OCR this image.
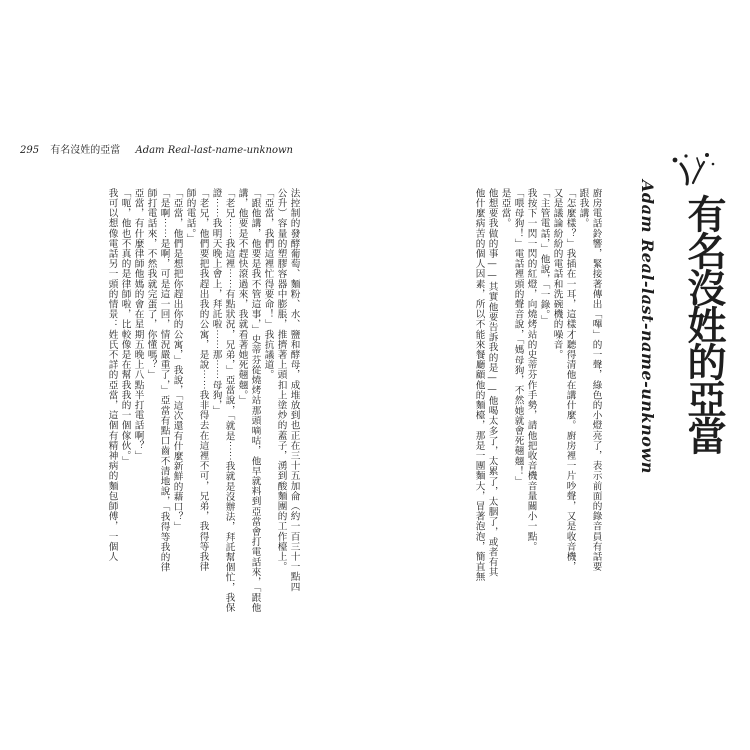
295 有名沒姓的亞當 Adam Real-last-name-unknown
有名沒姓的亞當
Adam Real-last-name-unknown
廚房電話鈴響，緊接著傳出「嗶」的一聲，綠色的小燈亮了，表示前面的錄音員有話要
跟我講。
「怎麼樣？」我插在一耳，這樣才聽得清他在講什麼。廚房裡一片吵聲，又是收音機，
又是議論紛紛的電話和洗碗機的噪音。
「主管電話，」他說，「一錄。」
我按下一閃一閃的紅燈，向燒烤站的史蒂芬作手勢，請他把收音機音量關小一點。
「喂母狗！」電話裡頭的聲音說，「媽母狗，不然她就會死翹翹！」
是亞當。
他想要我做的事——其實他要告訴我的是——他喝太多了，太累了，太胭了，或者有其
他什麼病苦的個人因素，所以不能來餐廳顧他的麵檯，那是一團麵大，冒著泡泡，簡直無
法控制的發酵葡萄、麵粉、水、鹽和酵母，成堆放到也正在三十五加侖（約一百三十一點四
公升）容量的塑膠容器中膨脹，推擠著上頭扣上塗炒的蓋子，湧到酸麵團的工作檯上。
「亞當，我們這裡忙得要命！」我抗議道。
「跟他講，他要是我不管這事，」史蒂芬從燒烤站那頭嘀咕，他早就料到亞當會打電話來，「跟他
講，他要是不趕快滾過來，我就看著她死翹翹。」
「老兄⋯⋯我這裡⋯⋯有點狀況，兄弟，」亞當說，「就是⋯⋯我就是沒辦法，拜託幫個忙，我保
證⋯⋯我明天晚上會上，拜託啦⋯⋯那⋯⋯母狗，」
「老兄，他們要把我趕出我的公寓，是說⋯⋯我非得去在這裡不可，兄弟，我得等我律
師的電話。」
「亞當，他們是想把你趕出你的公寓，」我說，「這次還有什麼新鮮的藉口？」
「是啊⋯⋯是啊，可是這一回，情況嚴重了，」亞當有點口齒不清地說，「我得等我的律
師打電話來，不然我就完蛋了，你懂嗎？」
亞當，有什麼律師他媽的會在星期五晚上八點半打電話啊？」
「呃，他也不真的是律師啦，比較像是在幫我我的一個傢伙。」
我可以想像電話另一頭的情景：姓氏不詳的亞當，這個有精神病的麵包師傅，一個人
